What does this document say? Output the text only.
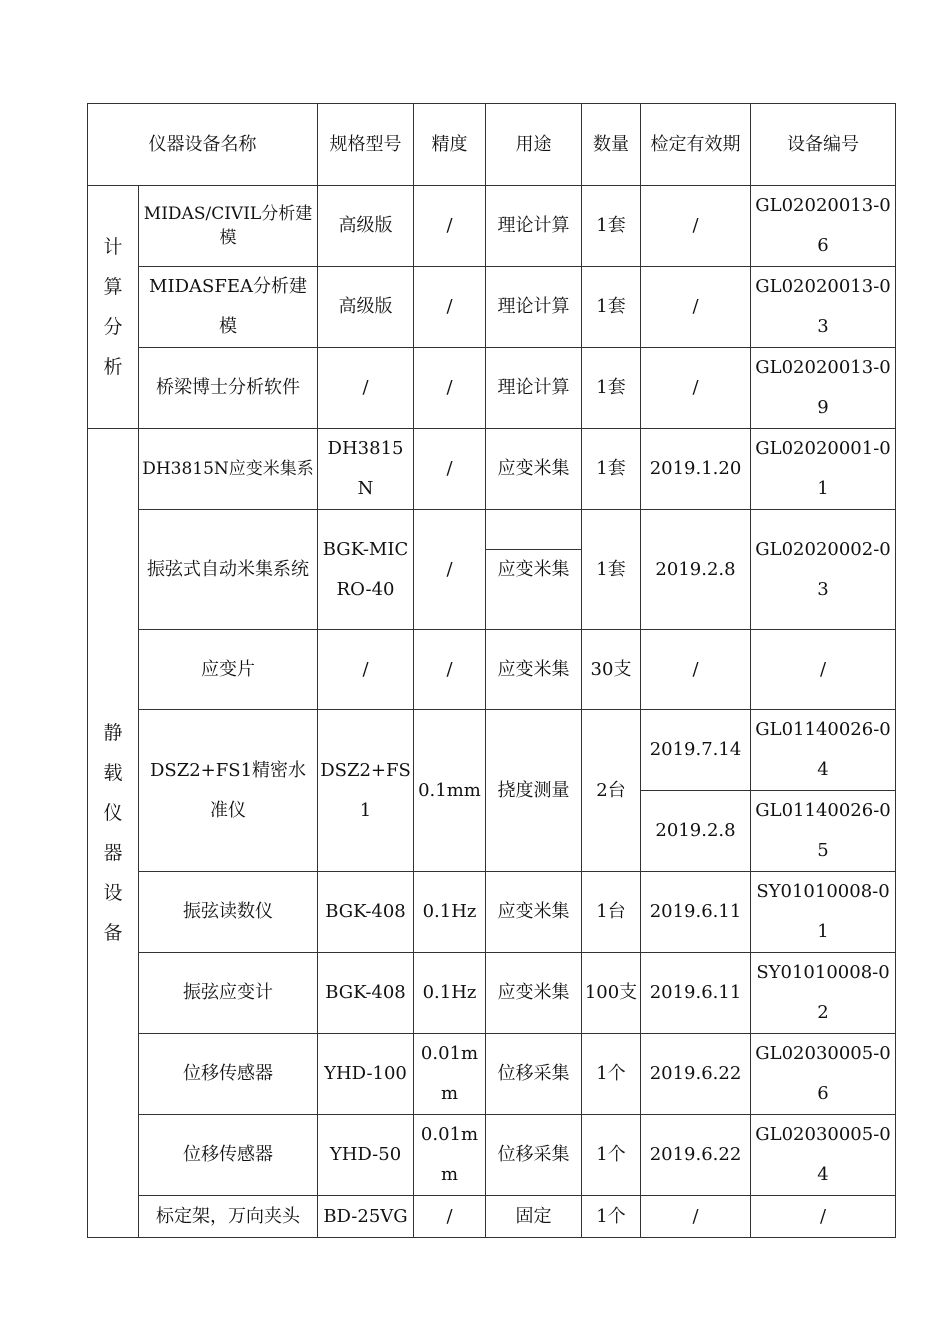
仪器设备名称		规格型号	精度	用途	数量	检定有效期	设备编号

计算分析	MIDAS/CIVIL分析建模	高级版	/	理论计算	1套	/	GL02020013-06
	MIDASFEA分析建模	高级版	/	理论计算	1套	/	GL02020013-03
	桥梁博士分析软件	/	/	理论计算	1套	/	GL02020013-09

静载仪器设备	DH3815N应变米集系	DH3815N	/	应变米集	1套	2019.1.20	GL02020001-01
	振弦式自动米集系统	BGK-MICRO-40	/	应变米集	1套	2019.2.8	GL02020002-03
	应变片	/	/	应变米集	30支	/	/
	DSZ2+FS1精密水准仪	DSZ2+FS1	0.1mm	挠度测量	2台	2019.7.14	GL01140026-04
						2019.2.8	GL01140026-05
	振弦读数仪	BGK-408	0.1Hz	应变米集	1台	2019.6.11	SY01010008-01
	振弦应变计	BGK-408	0.1Hz	应变米集	100支	2019.6.11	SY01010008-02
	位移传感器	YHD-100	0.01mm	位移采集	1个	2019.6.22	GL02030005-06
	位移传感器	YHD-50	0.01mm	位移采集	1个	2019.6.22	GL02030005-04
	标定架，万向夹头	BD-25VG	/	固定	1个	/	/
